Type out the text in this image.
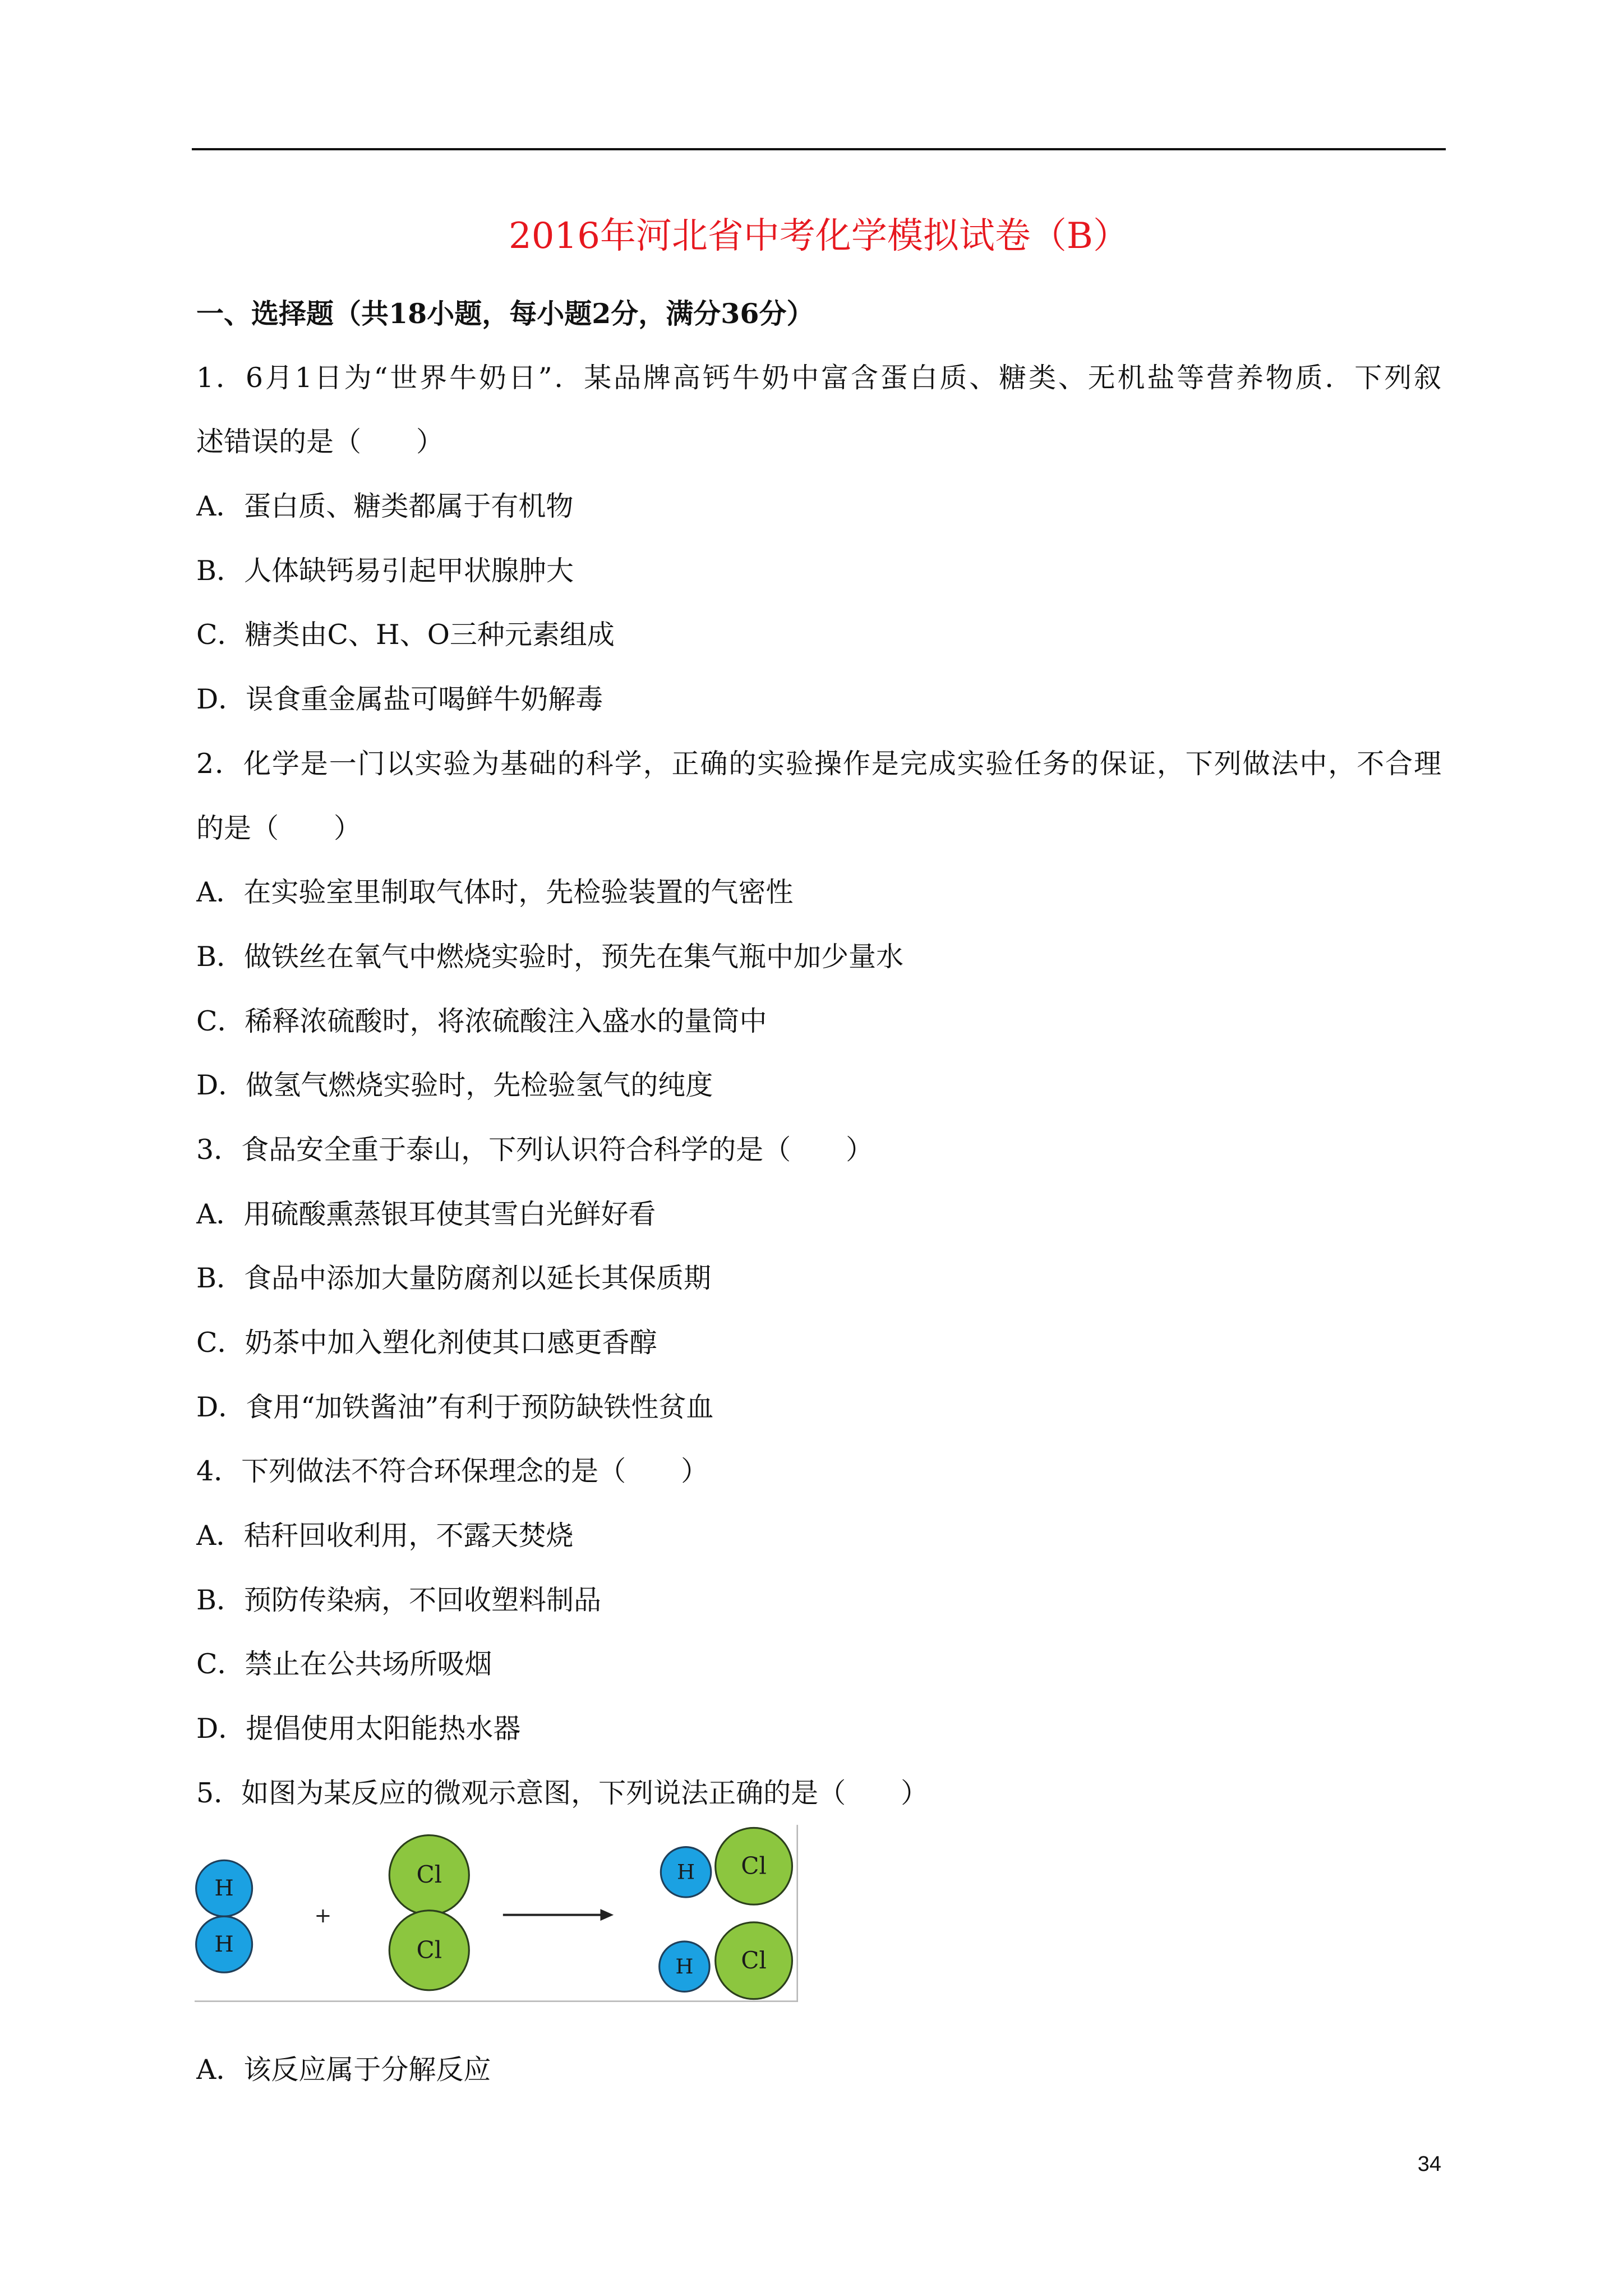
2016年河北省中考化学模拟试卷（B）
一、选择题（共18小题，每小题2分，满分36分）
1．6月1日为“世界牛奶日”．某品牌高钙牛奶中富含蛋白质、糖类、无机盐等营养物质．下列叙
述错误的是（　　）
A．蛋白质、糖类都属于有机物
B．人体缺钙易引起甲状腺肿大
C．糖类由C、H、O三种元素组成
D．误食重金属盐可喝鲜牛奶解毒
2．化学是一门以实验为基础的科学，正确的实验操作是完成实验任务的保证，下列做法中，不合理
的是（　　）
A．在实验室里制取气体时，先检验装置的气密性
B．做铁丝在氧气中燃烧实验时，预先在集气瓶中加少量水
C．稀释浓硫酸时，将浓硫酸注入盛水的量筒中
D．做氢气燃烧实验时，先检验氢气的纯度
3．食品安全重于泰山，下列认识符合科学的是（　　）
A．用硫酸熏蒸银耳使其雪白光鲜好看
B．食品中添加大量防腐剂以延长其保质期
C．奶茶中加入塑化剂使其口感更香醇
D．食用“加铁酱油”有利于预防缺铁性贫血
4．下列做法不符合环保理念的是（　　）
A．秸秆回收利用，不露天焚烧
B．预防传染病，不回收塑料制品
C．禁止在公共场所吸烟
D．提倡使用太阳能热水器
5．如图为某反应的微观示意图，下列说法正确的是（　　）
H
H
+
Cl
Cl
H	Cl
H	Cl
A．该反应属于分解反应
34
